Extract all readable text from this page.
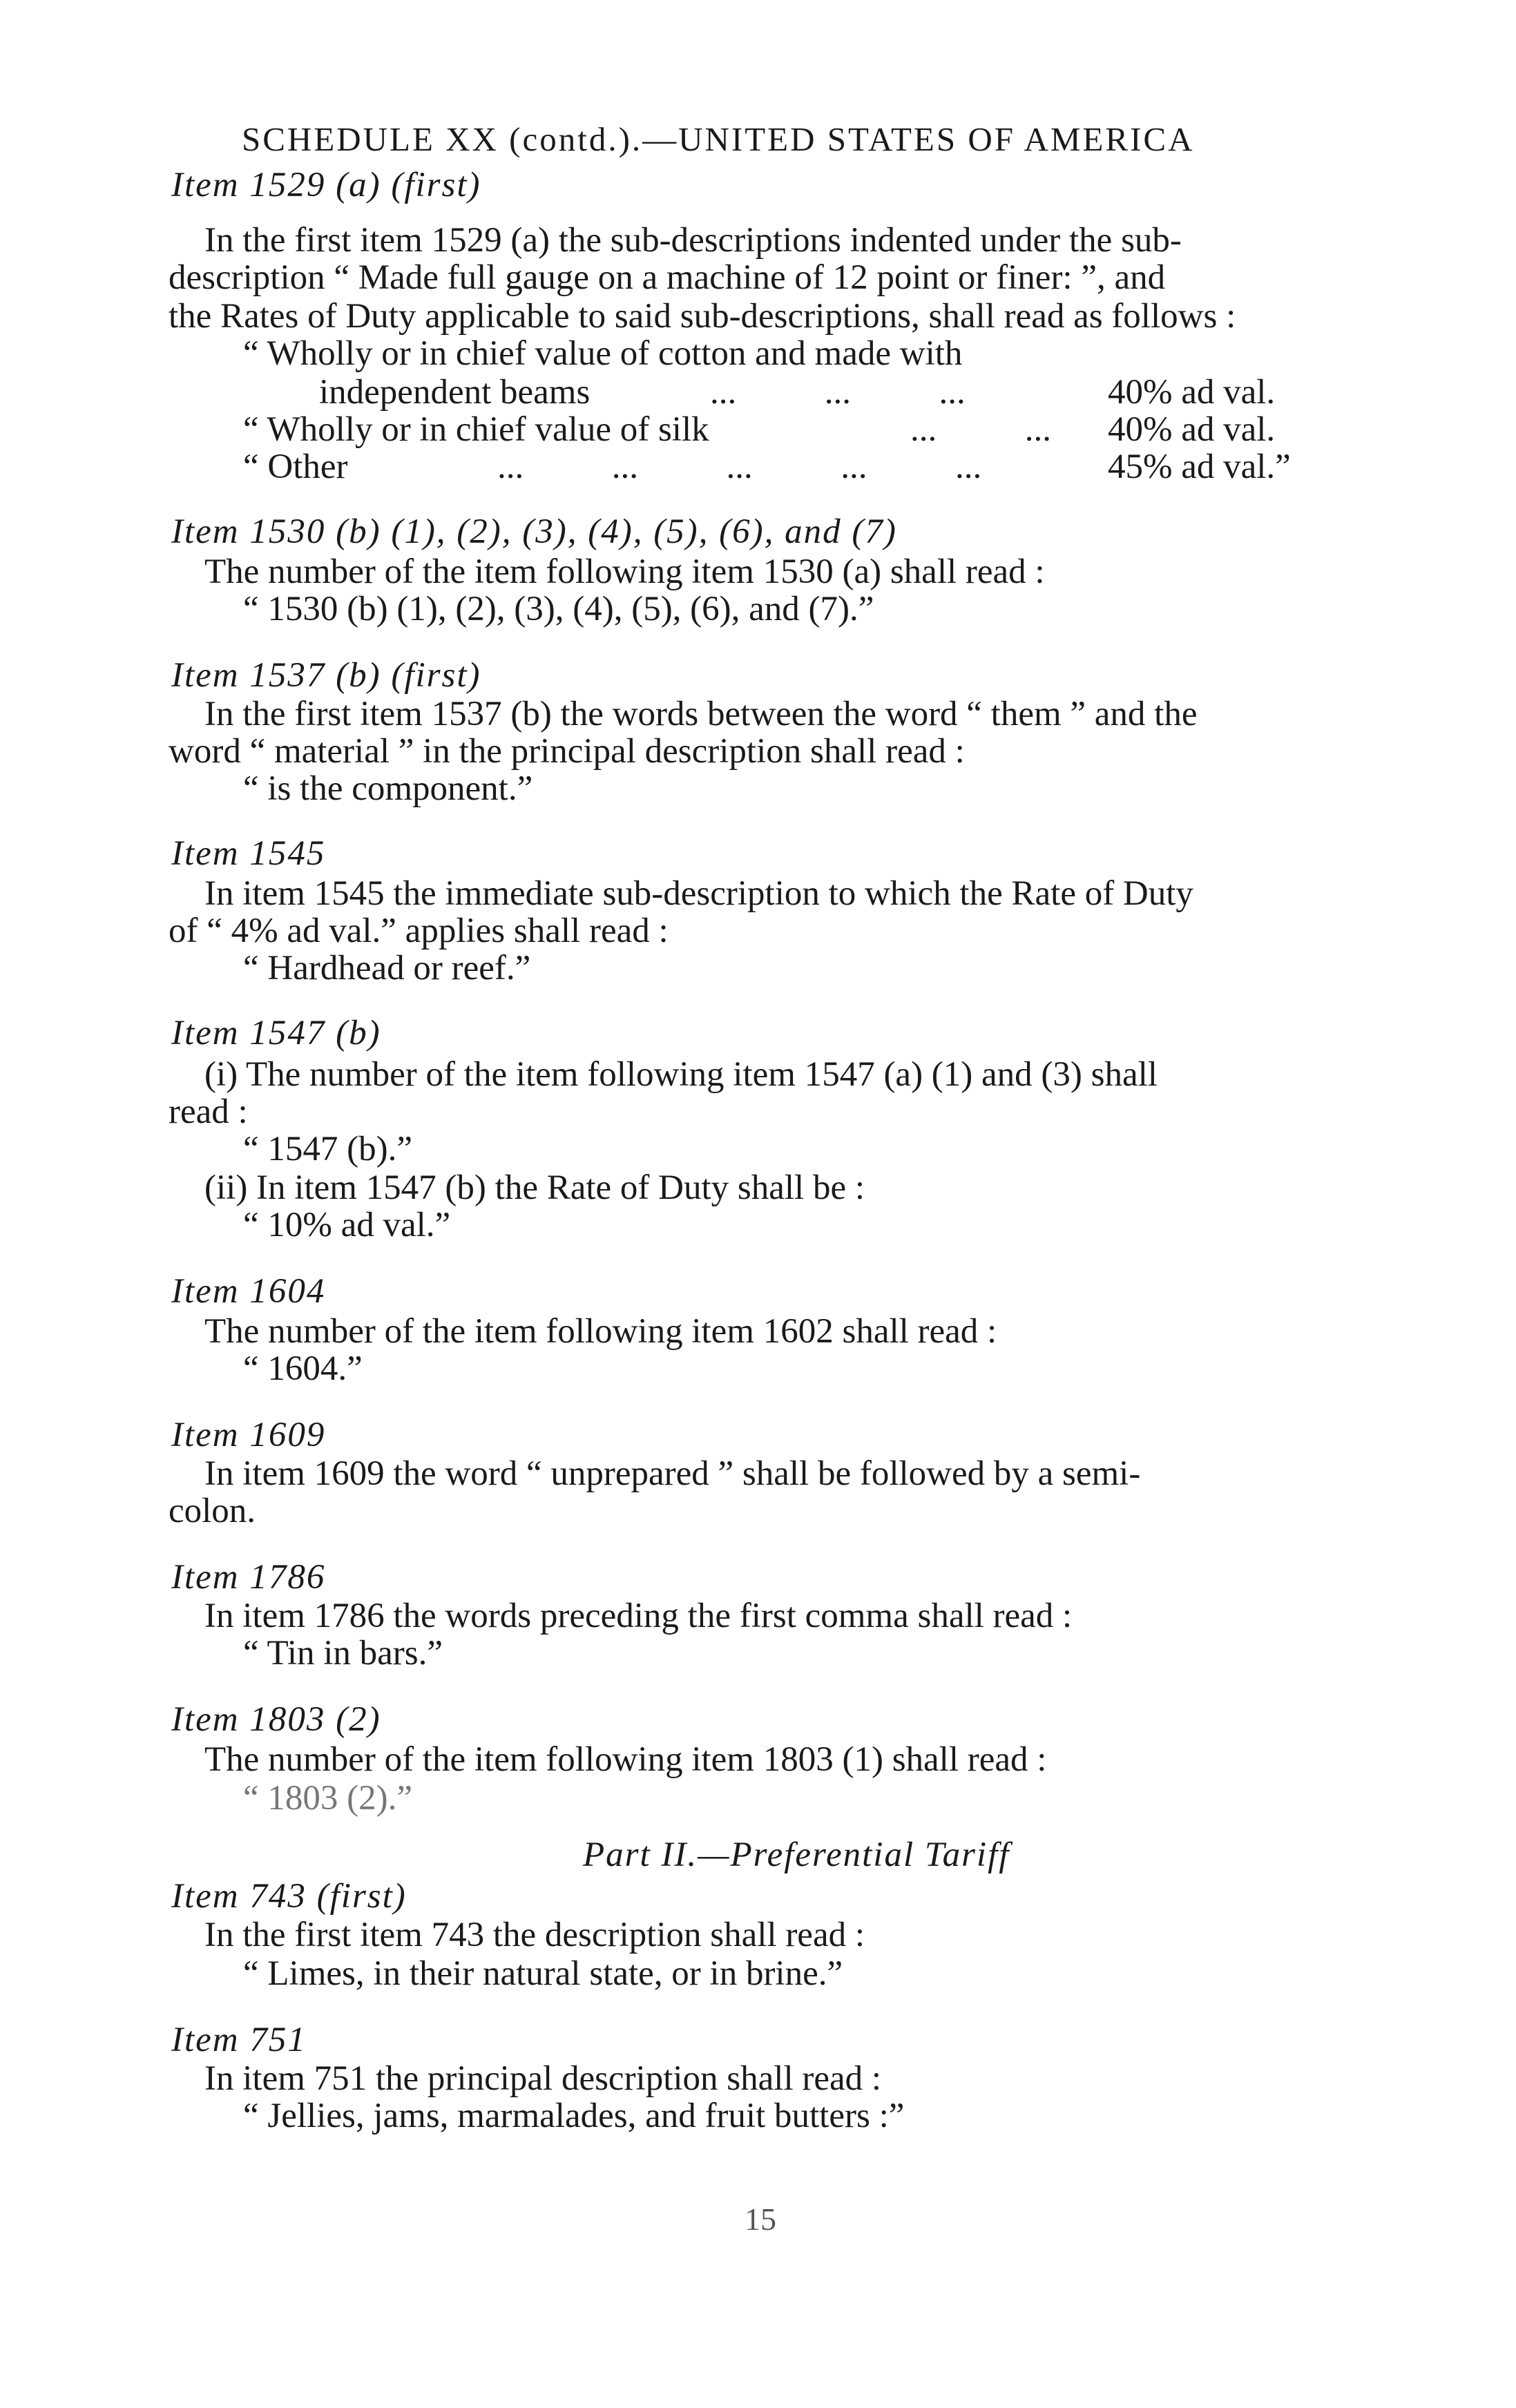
SCHEDULE XX (contd.).—UNITED STATES OF AMERICA
Item 1529 (a) (first)
In the first item 1529 (a) the sub-descriptions indented under the sub-
description “ Made full gauge on a machine of 12 point or finer: ”, and
the Rates of Duty applicable to said sub-descriptions, shall read as follows :
“ Wholly or in chief value of cotton and made with
independent beams	...          ...          ...	40% ad val.
“ Wholly or in chief value of silk	...          ... 40% ad val.
“ Other	...          ...          ...          ...          ...	45% ad val.”
Item 1530 (b) (1), (2), (3), (4), (5), (6), and (7)
The number of the item following item 1530 (a) shall read :
“ 1530 (b) (1), (2), (3), (4), (5), (6), and (7).”
Item 1537 (b) (first)
In the first item 1537 (b) the words between the word “ them ” and the
word “ material ” in the principal description shall read :
“ is the component.”
Item 1545
In item 1545 the immediate sub-description to which the Rate of Duty
of “ 4% ad val.” applies shall read :
“ Hardhead or reef.”
Item 1547 (b)
(i) The number of the item following item 1547 (a) (1) and (3) shall
read :
“ 1547 (b).”
(ii) In item 1547 (b) the Rate of Duty shall be :
“ 10% ad val.”
Item 1604
The number of the item following item 1602 shall read :
“ 1604.”
Item 1609
In item 1609 the word “ unprepared ” shall be followed by a semi-
colon.
Item 1786
In item 1786 the words preceding the first comma shall read :
“ Tin in bars.”
Item 1803 (2)
The number of the item following item 1803 (1) shall read :
“ 1803 (2).”
Part II.—Preferential Tariff
Item 743 (first)
In the first item 743 the description shall read :
“ Limes, in their natural state, or in brine.”
Item 751
In item 751 the principal description shall read :
“ Jellies, jams, marmalades, and fruit butters :”
15
